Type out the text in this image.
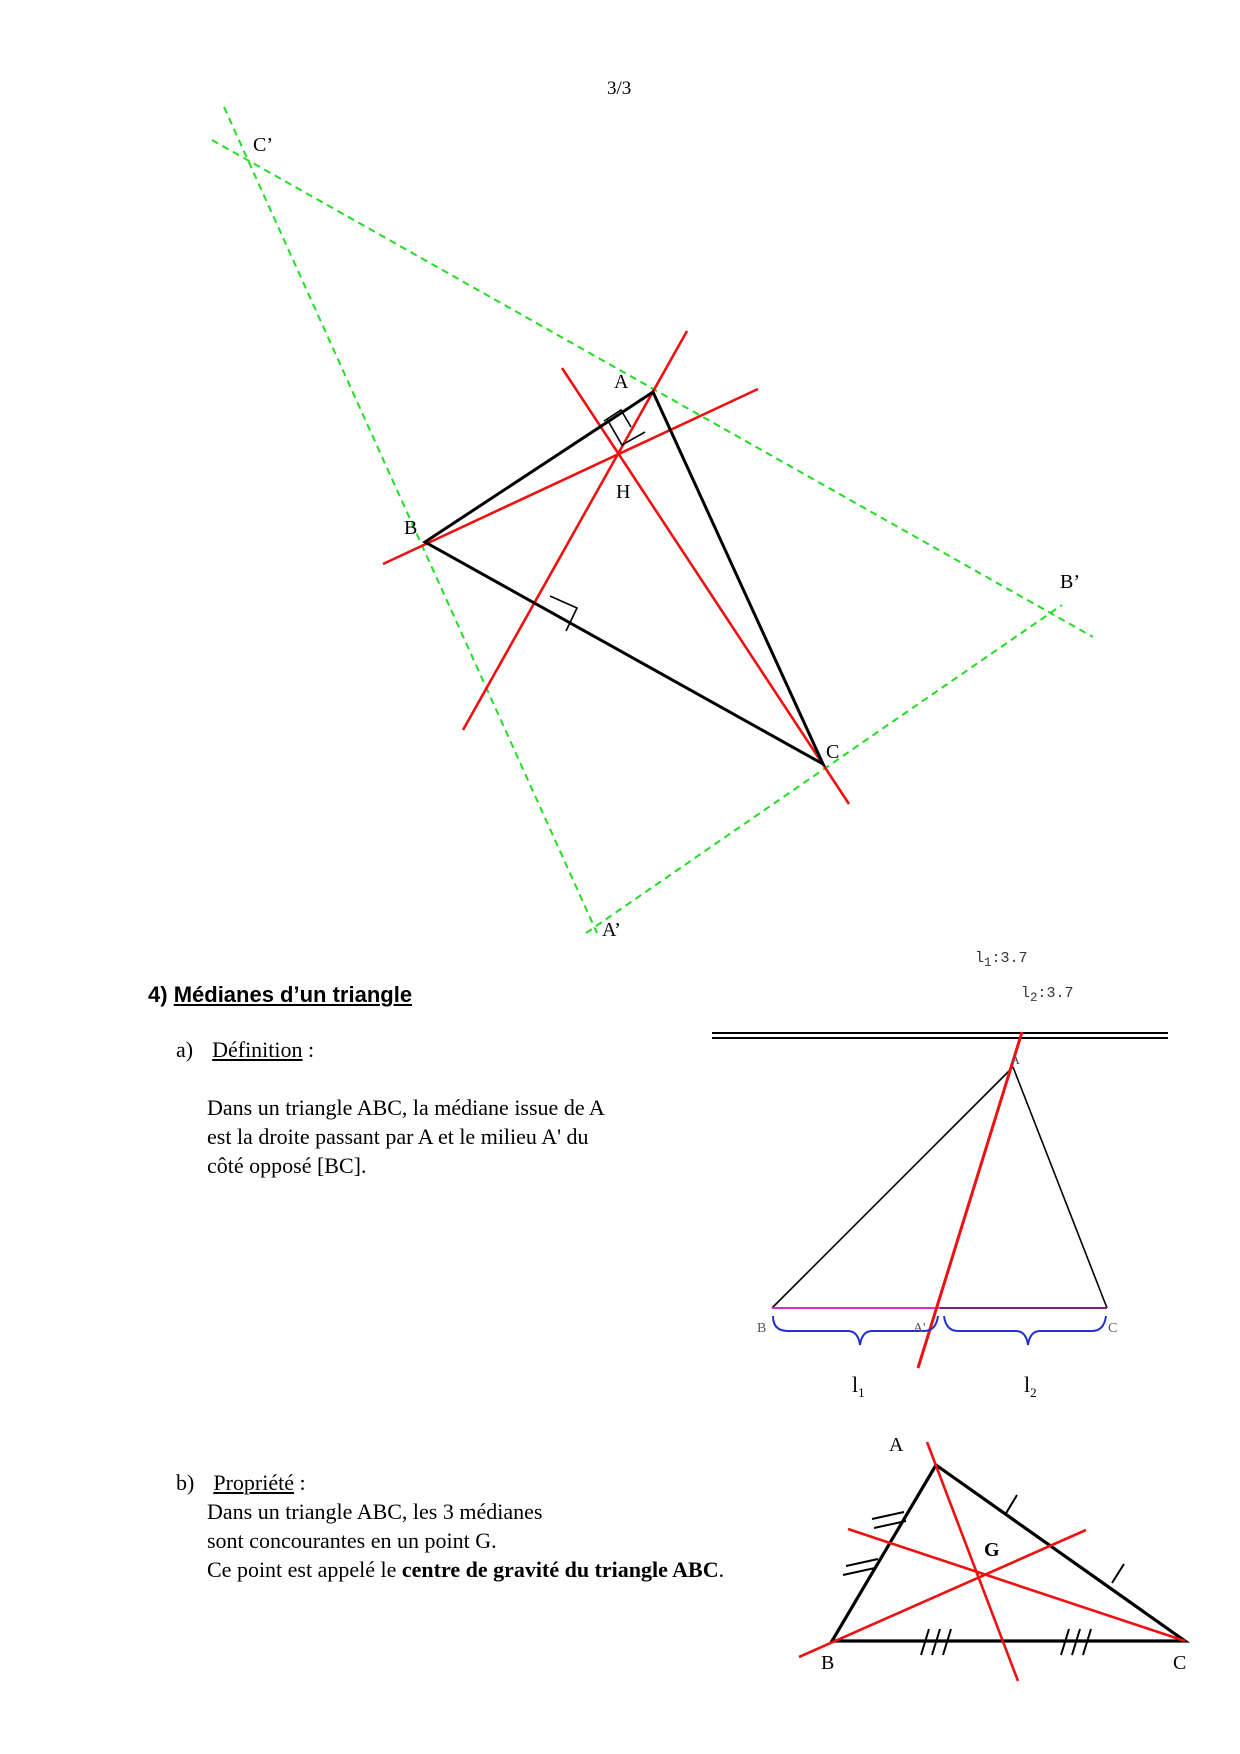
3/3
A
B
C
H
A’
B’
C’
4) Médianes d’un triangle
a) Définition :
Dans un triangle ABC, la médiane issue de A
est la droite passant par A et le milieu A' du
côté opposé [BC].
b) Propriété :
Dans un triangle ABC, les 3 médianes
sont concourantes en un point G.
Ce point est appelé le centre de gravité du triangle ABC.
$l_1:3.7$
$l_2:3.7$
A
B	C
A'
$l_1$	$l_2$
A
B	C
G
